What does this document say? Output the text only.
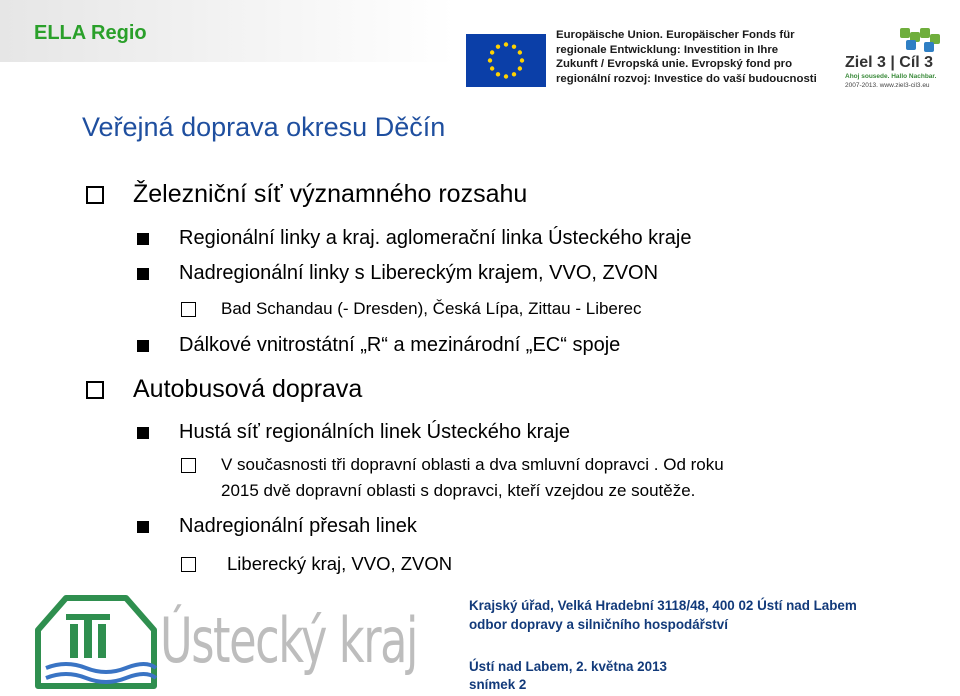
ELLA Regio	Europäische Union. Europäischer Fonds für
regionale Entwicklung: Investition in Ihre
Zukunft / Evropská unie. Evropský fond pro
regionální rozvoj: Investice do vaší budoucnosti
Ziel 3 | Cíl 3
Ahoj sousede. Hallo Nachbar.
2007-2013. www.ziel3-cil3.eu
Veřejná doprava okresu Děčín
Železniční síť významného rozsahu
Regionální linky a kraj. aglomerační linka Ústeckého kraje
Nadregionální linky s Libereckým krajem, VVO, ZVON
Bad Schandau (- Dresden), Česká Lípa, Zittau - Liberec
Dálkové vnitrostátní „R“ a mezinárodní „EC“ spoje
Autobusová doprava
Hustá síť regionálních linek Ústeckého kraje
V současnosti tři dopravní oblasti a dva smluvní dopravci . Od roku
2015 dvě dopravní oblasti s dopravci, kteří vzejdou ze soutěže.
Nadregionální přesah linek
Liberecký kraj, VVO, ZVON
Ústecký kraj	Krajský úřad, Velká Hradební 3118/48, 400 02 Ústí nad Labem
odbor dopravy a silničního hospodářství
Ústí nad Labem, 2. května 2013
snímek 2
